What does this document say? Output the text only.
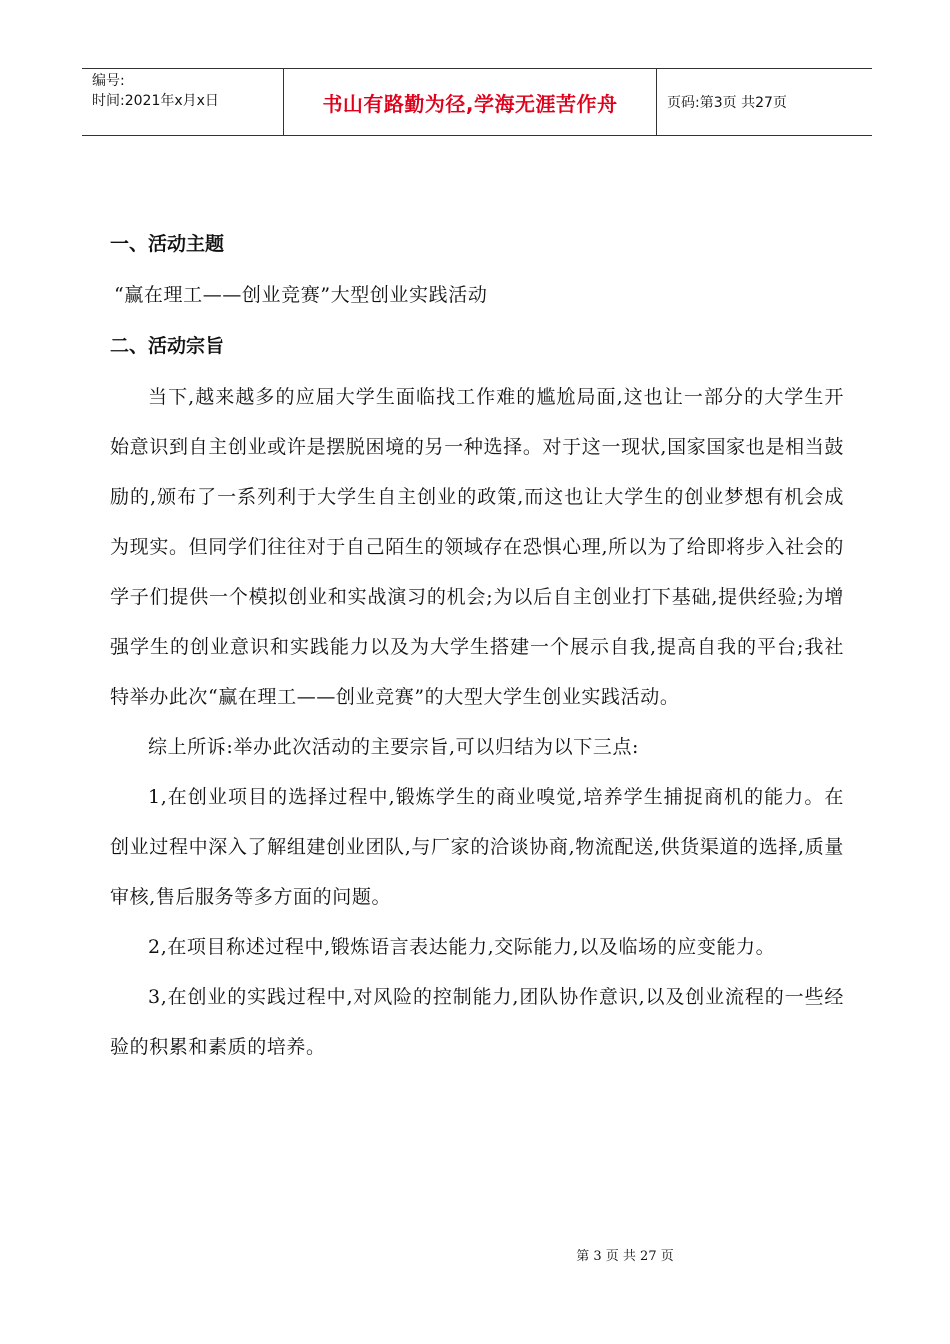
编号:
时间:2021年x月x日	书山有路勤为径,学海无涯苦作舟	页码:第3页 共27页

一、活动主题

“赢在理工——创业竞赛”大型创业实践活动

二、活动宗旨

当下,越来越多的应届大学生面临找工作难的尴尬局面,这也让一部分的大学生开始意识到自主创业或许是摆脱困境的另一种选择。对于这一现状,国家国家也是相当鼓励的,颁布了一系列利于大学生自主创业的政策,而这也让大学生的创业梦想有机会成为现实。但同学们往往对于自己陌生的领域存在恐惧心理,所以为了给即将步入社会的学子们提供一个模拟创业和实战演习的机会;为以后自主创业打下基础,提供经验;为增强学生的创业意识和实践能力以及为大学生搭建一个展示自我,提高自我的平台;我社特举办此次“赢在理工——创业竞赛”的大型大学生创业实践活动。

综上所诉:举办此次活动的主要宗旨,可以归结为以下三点:

1,在创业项目的选择过程中,锻炼学生的商业嗅觉,培养学生捕捉商机的能力。在创业过程中深入了解组建创业团队,与厂家的洽谈协商,物流配送,供货渠道的选择,质量审核,售后服务等多方面的问题。

2,在项目称述过程中,锻炼语言表达能力,交际能力,以及临场的应变能力。

3,在创业的实践过程中,对风险的控制能力,团队协作意识,以及创业流程的一些经验的积累和素质的培养。

第 3 页 共 27 页
